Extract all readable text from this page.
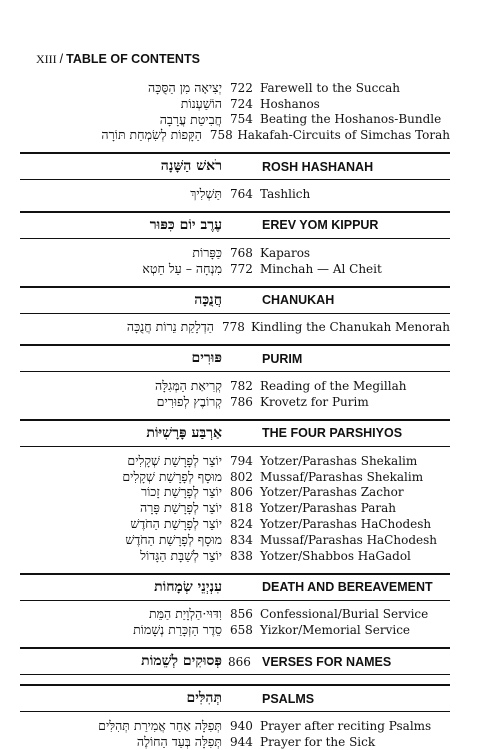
XIII / TABLE OF CONTENTS
יְצִיאָה מִן הַסֻּכָּה 722 Farewell to the Succah
הוֹשַׁעְנוֹת 724 Hoshanos
חֲבִיטַת עֲרָבָה 754 Beating the Hoshanos-Bundle
הַקָּפוֹת לְשִׂמְחַת תּוֹרָה 758 Hakafah-Circuits of Simchas Torah
רֹאשׁ הַשָּׁנָה	ROSH HASHANAH
תַּשְׁלִיךְ 764 Tashlich
עֶרֶב יוֹם כִּפּוּר	EREV YOM KIPPUR
כַּפָּרוֹת 768 Kaparos
מִנְחָה – עַל חֵטְא 772 Minchah — Al Cheit
חֲנֻכָּה	CHANUKAH
הַדְלָקַת נֵרוֹת חֲנֻכָּה 778 Kindling the Chanukah Menorah
פּוּרִים	PURIM
קְרִיאַת הַמְּגִלָּה 782 Reading of the Megillah
קְרוֹבֶץ לְפוּרִים 786 Krovetz for Purim
אַרְבַּע פָּרָשִׁיּוֹת	THE FOUR PARSHIYOS
יוֹצֵר לְפָרָשַׁת שְׁקָלִים 794 Yotzer/Parashas Shekalim
מוּסָף לְפָרָשַׁת שְׁקָלִים 802 Mussaf/Parashas Shekalim
יוֹצֵר לְפָרָשַׁת זָכוֹר 806 Yotzer/Parashas Zachor
יוֹצֵר לְפָרָשַׁת פָּרָה 818 Yotzer/Parashas Parah
יוֹצֵר לְפָרָשַׁת הַחֹדֶשׁ 824 Yotzer/Parashas HaChodesh
מוּסָף לְפָרָשַׁת הַחֹדֶשׁ 834 Mussaf/Parashas HaChodesh
יוֹצֵר לְשַׁבָּת הַגָּדוֹל 838 Yotzer/Shabbos HaGadol
עִנְיְנֵי שְׂמָחוֹת	DEATH AND BEREAVEMENT
וִדּוּי·הַלְוָיַת הַמֵּת 856 Confessional/Burial Service
סֵדֶר הַזְכָּרַת נְשָׁמוֹת 658 Yizkor/Memorial Service
פְּסוּקִים לְשֵׁמוֹת 866 VERSES FOR NAMES
תְּהִלִּים	PSALMS
תְּפִלָּה אַחַר אֲמִירַת תְּהִלִּים 940 Prayer after reciting Psalms
תְּפִלָּה בְּעַד הַחוֹלֶה 944 Prayer for the Sick
